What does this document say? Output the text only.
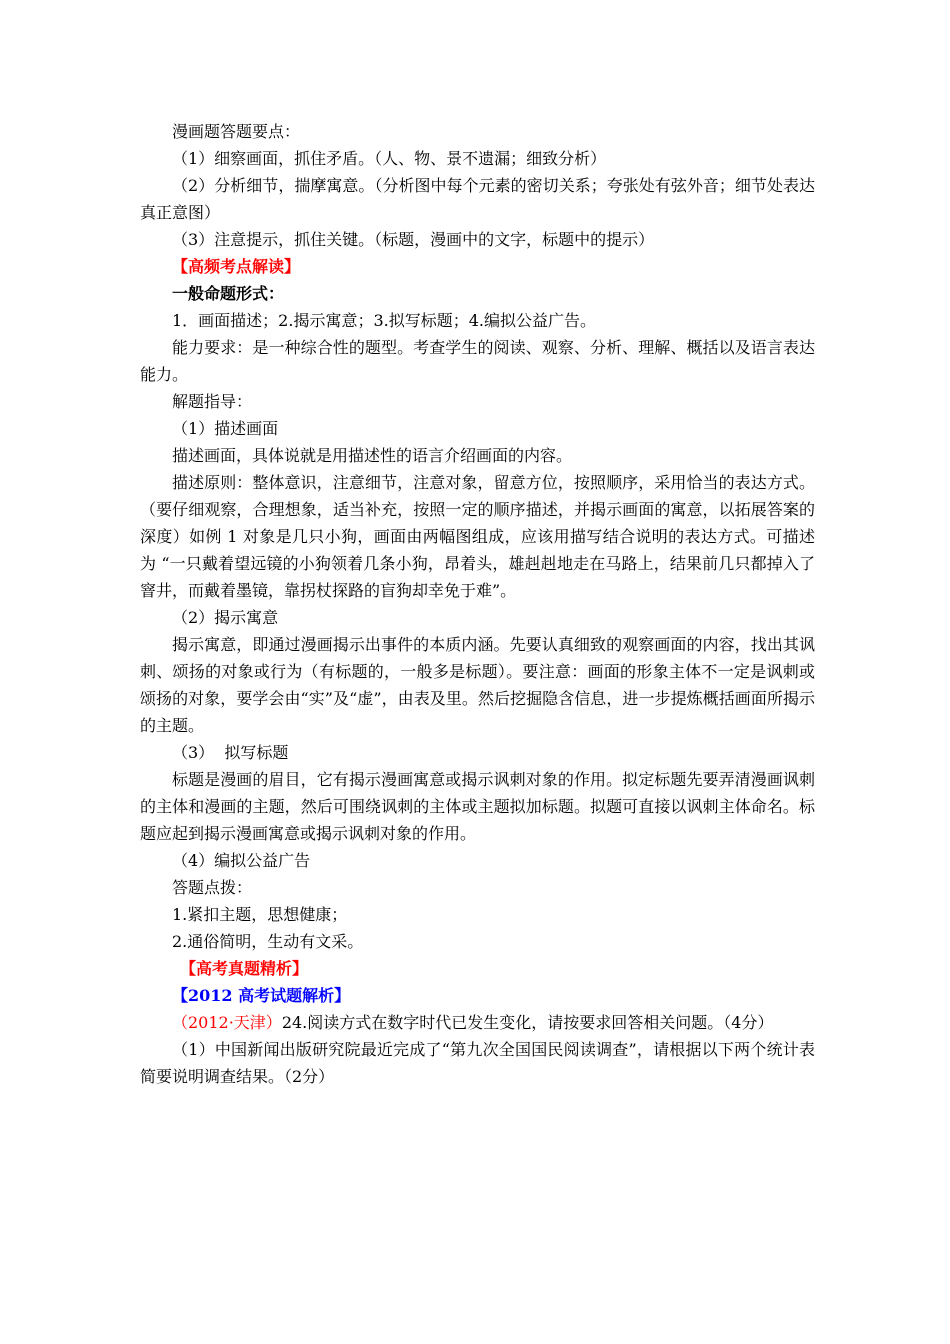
漫画题答题要点：

（1）细察画面，抓住矛盾。（人、物、景不遗漏；细致分析）

（2）分析细节，揣摩寓意。（分析图中每个元素的密切关系；夸张处有弦外音；细节处表达真正意图）

（3）注意提示，抓住关键。（标题，漫画中的文字，标题中的提示）

【高频考点解读】

一般命题形式：

1．画面描述；2.揭示寓意；3.拟写标题；4.编拟公益广告。

能力要求：是一种综合性的题型。考查学生的阅读、观察、分析、理解、概括以及语言表达能力。

解题指导：

（1）描述画面

描述画面，具体说就是用描述性的语言介绍画面的内容。

描述原则：整体意识，注意细节，注意对象，留意方位，按照顺序，采用恰当的表达方式。（要仔细观察，合理想象，适当补充，按照一定的顺序描述，并揭示画面的寓意，以拓展答案的深度）如例 1 对象是几只小狗，画面由两幅图组成，应该用描写结合说明的表达方式。可描述为 “一只戴着望远镜的小狗领着几条小狗，昂着头，雄赳赳地走在马路上，结果前几只都掉入了窨井，而戴着墨镜，靠拐杖探路的盲狗却幸免于难”。

（2）揭示寓意

揭示寓意，即通过漫画揭示出事件的本质内涵。先要认真细致的观察画面的内容，找出其讽刺、颂扬的对象或行为（有标题的，一般多是标题）。要注意：画面的形象主体不一定是讽刺或颂扬的对象，要学会由“实”及“虚”，由表及里。然后挖掘隐含信息，进一步提炼概括画面所揭示的主题。

（3）  拟写标题

标题是漫画的眉目，它有揭示漫画寓意或揭示讽刺对象的作用。拟定标题先要弄清漫画讽刺的主体和漫画的主题，然后可围绕讽刺的主体或主题拟加标题。拟题可直接以讽刺主体命名。标题应起到揭示漫画寓意或揭示讽刺对象的作用。

（4）编拟公益广告

答题点拨：

1.紧扣主题，思想健康；

2.通俗简明，生动有文采。

【高考真题精析】

【2012 高考试题解析】

（2012·天津）24.阅读方式在数字时代已发生变化，请按要求回答相关问题。（4分）

（1）中国新闻出版研究院最近完成了“第九次全国国民阅读调查”，请根据以下两个统计表简要说明调查结果。（2分）
